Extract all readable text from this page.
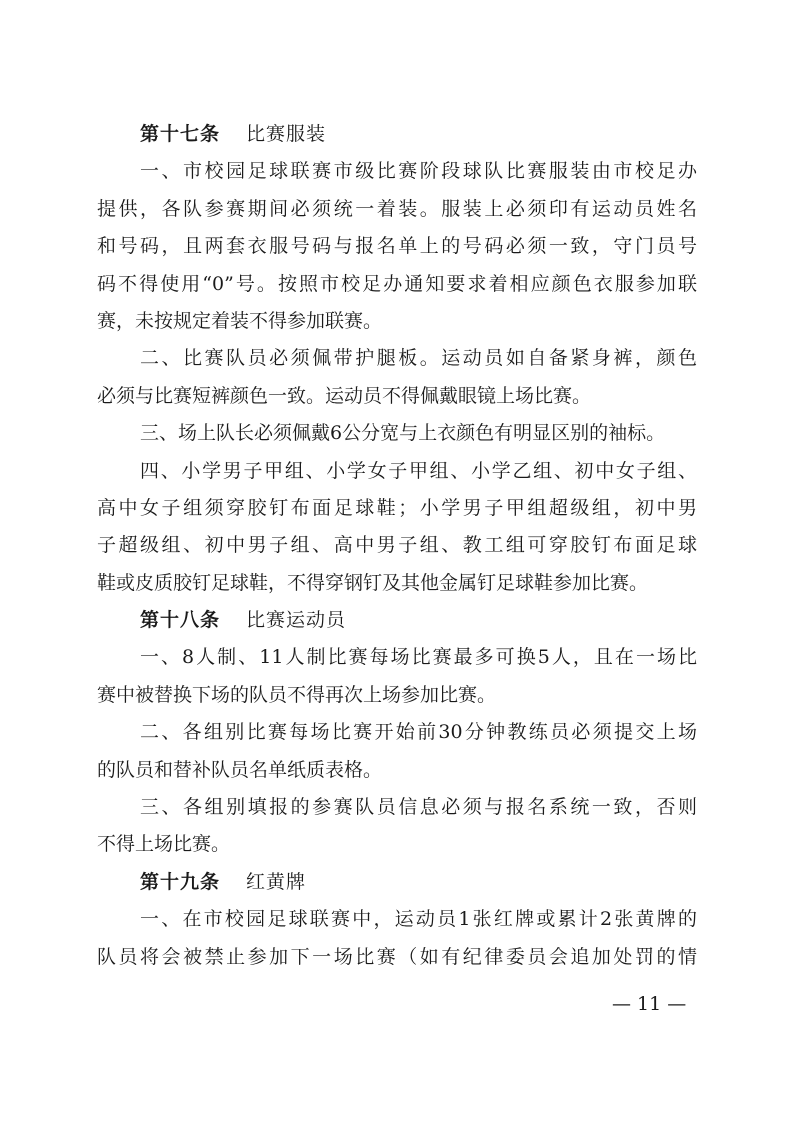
第十七条 比赛服装
一、市校园足球联赛市级比赛阶段球队比赛服装由市校足办
提供，各队参赛期间必须统一着装。服装上必须印有运动员姓名
和号码，且两套衣服号码与报名单上的号码必须一致，守门员号
码不得使用“0”号。按照市校足办通知要求着相应颜色衣服参加联
赛，未按规定着装不得参加联赛。
二、比赛队员必须佩带护腿板。运动员如自备紧身裤，颜色
必须与比赛短裤颜色一致。运动员不得佩戴眼镜上场比赛。
三、场上队长必须佩戴6公分宽与上衣颜色有明显区别的袖标。
四、小学男子甲组、小学女子甲组、小学乙组、初中女子组、
高中女子组须穿胶钉布面足球鞋；小学男子甲组超级组，初中男
子超级组、初中男子组、高中男子组、教工组可穿胶钉布面足球
鞋或皮质胶钉足球鞋，不得穿钢钉及其他金属钉足球鞋参加比赛。
第十八条 比赛运动员
一、8人制、11人制比赛每场比赛最多可换5人，且在一场比
赛中被替换下场的队员不得再次上场参加比赛。
二、各组别比赛每场比赛开始前30分钟教练员必须提交上场
的队员和替补队员名单纸质表格。
三、各组别填报的参赛队员信息必须与报名系统一致，否则
不得上场比赛。
第十九条 红黄牌
一、在市校园足球联赛中，运动员1张红牌或累计2张黄牌的
队员将会被禁止参加下一场比赛（如有纪律委员会追加处罚的情
— 11 —
